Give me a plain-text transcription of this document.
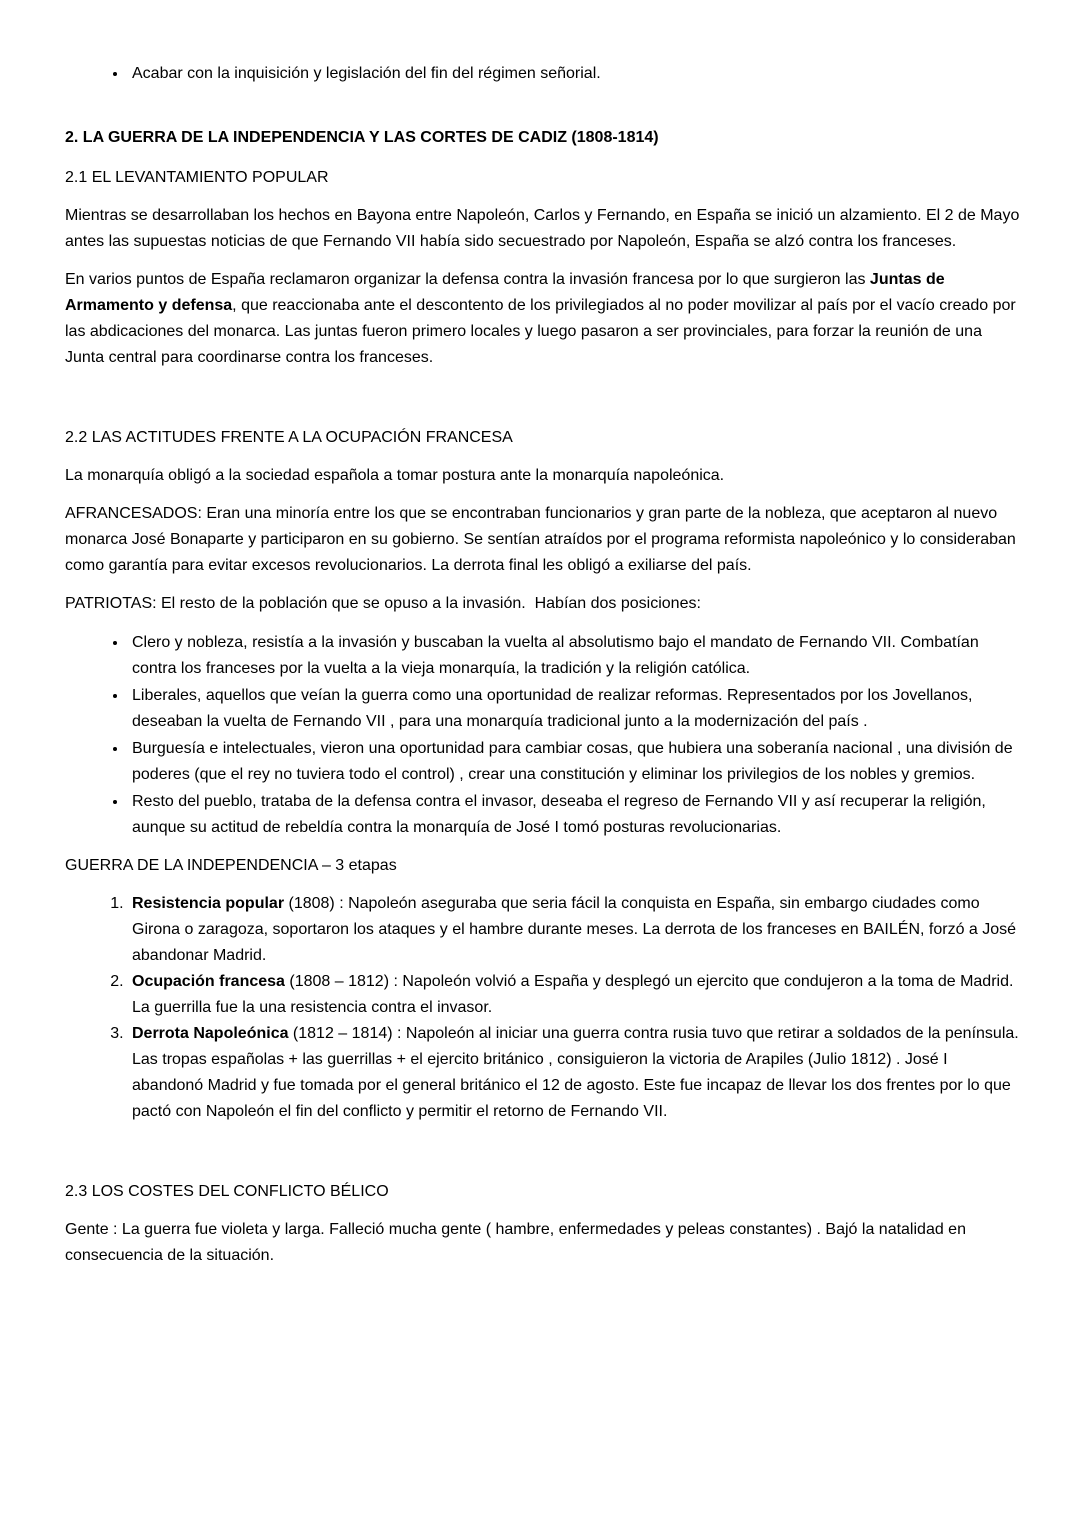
• Acabar con la inquisición y legislación del fin del régimen señorial.

2. LA GUERRA DE LA INDEPENDENCIA Y LAS CORTES DE CADIZ (1808-1814)

2.1 EL LEVANTAMIENTO POPULAR

Mientras se desarrollaban los hechos en Bayona entre Napoleón, Carlos y Fernando, en España se inició un alzamiento. El 2 de Mayo antes las supuestas noticias de que Fernando VII había sido secuestrado por Napoleón, España se alzó contra los franceses.

En varios puntos de España reclamaron organizar la defensa contra la invasión francesa por lo que surgieron las Juntas de Armamento y defensa, que reaccionaba ante el descontento de los privilegiados al no poder movilizar al país por el vacío creado por las abdicaciones del monarca. Las juntas fueron primero locales y luego pasaron a ser provinciales, para forzar la reunión de una Junta central para coordinarse contra los franceses.

2.2 LAS ACTITUDES FRENTE A LA OCUPACIÓN FRANCESA

La monarquía obligó a la sociedad española a tomar postura ante la monarquía napoleónica.

AFRANCESADOS: Eran una minoría entre los que se encontraban funcionarios y gran parte de la nobleza, que aceptaron al nuevo monarca José Bonaparte y participaron en su gobierno. Se sentían atraídos por el programa reformista napoleónico y lo consideraban como garantía para evitar excesos revolucionarios. La derrota final les obligó a exiliarse del país.

PATRIOTAS: El resto de la población que se opuso a la invasión.  Habían dos posiciones:

• Clero y nobleza, resistía a la invasión y buscaban la vuelta al absolutismo bajo el mandato de Fernando VII. Combatían contra los franceses por la vuelta a la vieja monarquía, la tradición y la religión católica.
• Liberales, aquellos que veían la guerra como una oportunidad de realizar reformas. Representados por los Jovellanos, deseaban la vuelta de Fernando VII , para una monarquía tradicional junto a la modernización del país .
• Burguesía e intelectuales, vieron una oportunidad para cambiar cosas, que hubiera una soberanía nacional , una división de poderes (que el rey no tuviera todo el control) , crear una constitución y eliminar los privilegios de los nobles y gremios.
• Resto del pueblo, trataba de la defensa contra el invasor, deseaba el regreso de Fernando VII y así recuperar la religión, aunque su actitud de rebeldía contra la monarquía de José I tomó posturas revolucionarias.

GUERRA DE LA INDEPENDENCIA – 3 etapas

1. Resistencia popular (1808) : Napoleón aseguraba que seria fácil la conquista en España, sin embargo ciudades como Girona o zaragoza, soportaron los ataques y el hambre durante meses. La derrota de los franceses en BAILÉN, forzó a José abandonar Madrid.
2. Ocupación francesa (1808 – 1812) : Napoleón volvió a España y desplegó un ejercito que condujeron a la toma de Madrid. La guerrilla fue la una resistencia contra el invasor.
3. Derrota Napoleónica (1812 – 1814) : Napoleón al iniciar una guerra contra rusia tuvo que retirar a soldados de la península. Las tropas españolas + las guerrillas + el ejercito británico , consiguieron la victoria de Arapiles (Julio 1812) . José I abandonó Madrid y fue tomada por el general británico el 12 de agosto. Este fue incapaz de llevar los dos frentes por lo que pactó con Napoleón el fin del conflicto y permitir el retorno de Fernando VII.

2.3 LOS COSTES DEL CONFLICTO BÉLICO

Gente : La guerra fue violeta y larga. Falleció mucha gente ( hambre, enfermedades y peleas constantes) . Bajó la natalidad en consecuencia de la situación.
